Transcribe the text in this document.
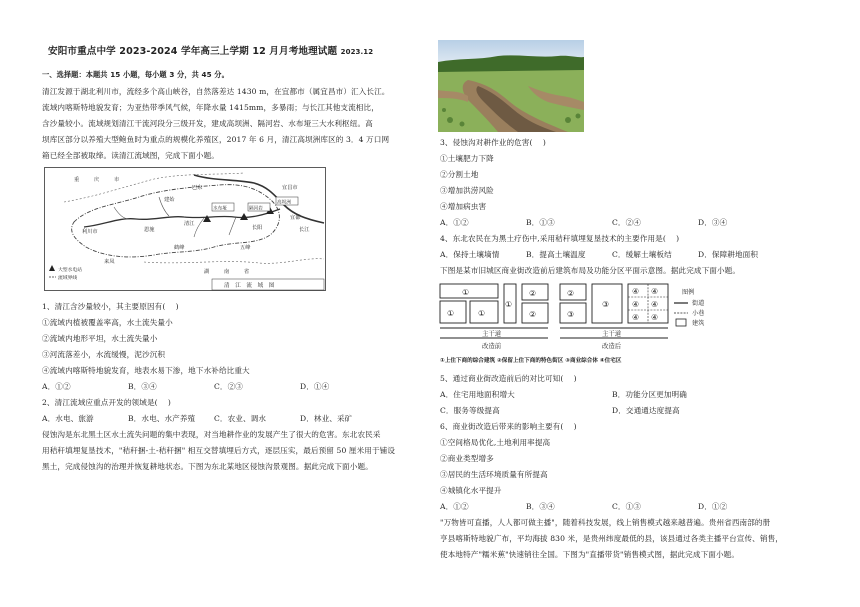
安阳市重点中学 2023-2024 学年高三上学期 12 月月考地理试题 2023.12
一、选择题：本题共 15 小题，每小题 3 分，共 45 分。
清江发源于湖北利川市，流经多个高山峡谷，自然落差达 1430 m，在宜都市（属宜昌市）汇入长江。
流域内喀斯特地貌发育；为亚热带季风气候，年降水量 1415mm，多暴雨；与长江其他支流相比，
含沙量较小。流域规划清江干流河段分三级开发，建成高坝洲、隔河岩、水布垭三大水利枢纽。高
坝库区部分以养殖大型鲍鱼时为重点的规模化养殖区，2017 年 6 月，清江高坝洲库区的 3．4 万口网
箱已经全部被取缔。读清江流域图，完成下面小题。
重	庆	市
利川市	恩施
建始
巴东
长阳
宜昌市
宜都
水布垭	隔河岩
高坝洲
长江
清江
鹤峰	五峰
来凤
湖	南	省
大型水电站
流域界线
清　江　流　域　图
1、清江含沙量较小，其主要原因有(　 )
①流域内植被覆盖率高，水土流失量小
②流域内地形平坦，水土流失量小
③河流落差小，水流缓慢，泥沙沉积
④流域内喀斯特地貌发育，地表水易下渗，地下水补给比重大
A．①②	B．③④	C．②③	D．①④
2、清江流域应重点开发的领域是(　 )
A．水电、旅游	B．水电、水产养殖 C．农业、调水	D．林业、采矿
侵蚀沟是东北黑土区水土流失问题的集中表现，对当地耕作业的发展产生了很大的危害。东北农民采
用秸秆填埋复垦技术，"秸秆捆-土-秸秆捆" 相互交替填埋后方式，逐层压实，最后预留 50 厘米用于铺设
黑土，完成侵蚀沟的治理并恢复耕地状态。下图为东北某地区侵蚀沟景观图。据此完成下面小题。
3、侵蚀沟对耕作业的危害(　 )
①土壤肥力下降
②分割土地
③增加洪涝风险
④增加病虫害
A．①②	B．①③	C．②④	D．③④
4、东北农民在为黑土疗伤中,采用秸秆填埋复垦技术的主要作用是(　 )
A．保持土壤墒情	B．提高土壤温度	C．缓解土壤板结	D．保障耕地面积
下图是某市旧城区商业街改造前后建筑布局及功能分区平面示意图。据此完成下面小题。
①
①	①
①
②
②
②
③
③
④ ④
④ ④
④ ④
主干道	主干道
改造前	改造后
图例
街道
小巷
建筑
①上住下商的综合建筑 ②保留上住下商的特色街区 ③商业综合体 ④住宅区
5、通过商业街改造前后的对比可知(　 )
A．住宅用地面积增大	B．功能分区更加明确
C．服务等级提高	D．交通通达度提高
6、商业街改造后带来的影响主要有(　 )
①空间格局优化,土地利用率提高
②商业类型增多
③居民的生活环境质量有所提高
④城镇化水平提升
A．①②	B．③④	C．①③	D．①②
"万物皆可直播，人人都可做主播"，随着科技发展，线上销售模式越来越普遍。贵州省西南部的册
亨县喀斯特地貌广布，平均海拔 830 米，是贵州纬度最低的县，该县通过各类主播平台宣传、销售，
使本地特产"糯米蕉"快速销往全国。下图为"直播带货"销售模式图，据此完成下面小题。
